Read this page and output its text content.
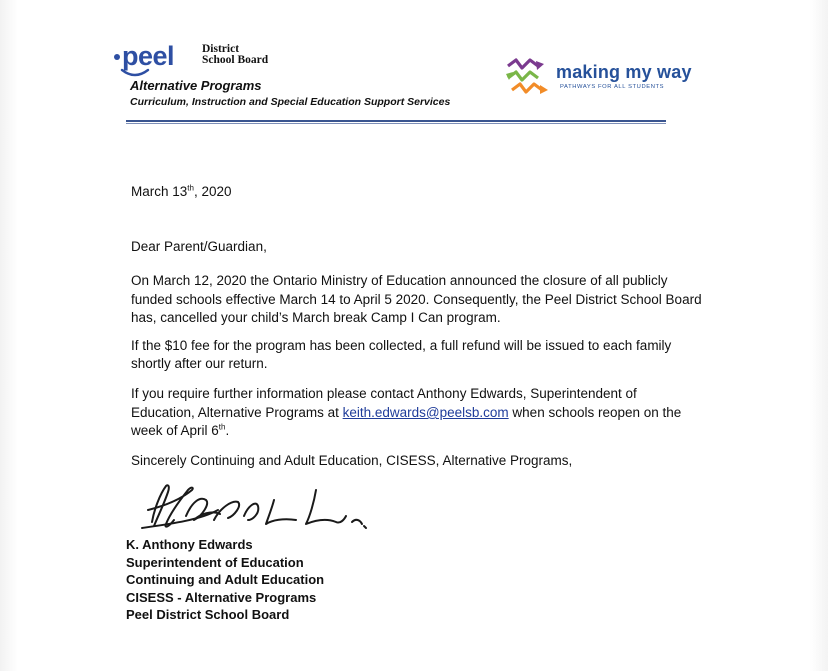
peel District
School Board
Alternative Programs
Curriculum, Instruction and Special Education Support Services
making my way
PATHWAYS FOR ALL STUDENTS
March 13th, 2020
Dear Parent/Guardian,
On March 12, 2020 the Ontario Ministry of Education announced the closure of all publicly
funded schools effective March 14 to April 5 2020. Consequently, the Peel District School Board
has, cancelled your child’s March break Camp I Can program.
If the $10 fee for the program has been collected, a full refund will be issued to each family
shortly after our return.
If you require further information please contact Anthony Edwards, Superintendent of
Education, Alternative Programs at keith.edwards@peelsb.com when schools reopen on the
week of April 6th.
Sincerely Continuing and Adult Education, CISESS, Alternative Programs,
K. Anthony Edwards
Superintendent of Education
Continuing and Adult Education
CISESS - Alternative Programs
Peel District School Board
